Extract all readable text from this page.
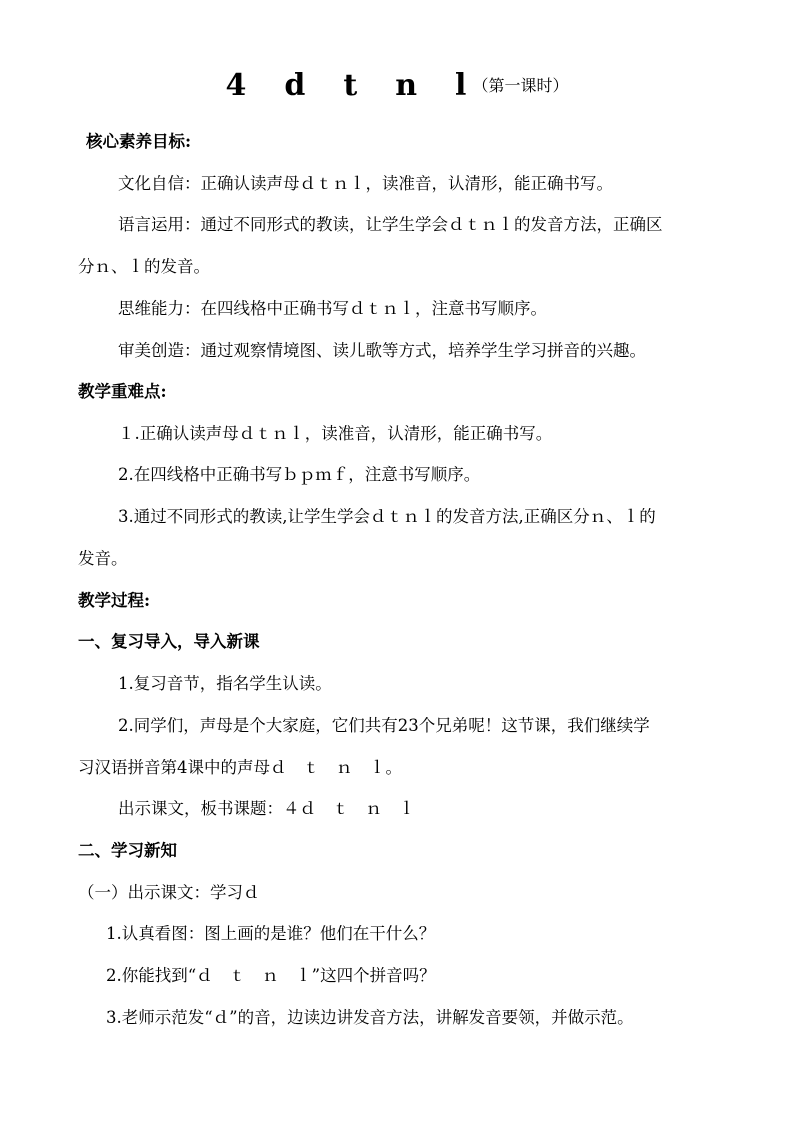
4 d t n l （第一课时）
核心素养目标:
文化自信：正确认读声母ｄｔｎｌ，读准音，认清形，能正确书写。
语言运用：通过不同形式的教读，让学生学会ｄｔｎｌ的发音方法，正确区
分ｎ、ｌ的发音。
思维能力：在四线格中正确书写ｄｔｎｌ，注意书写顺序。
审美创造：通过观察情境图、读儿歌等方式，培养学生学习拼音的兴趣。
教学重难点:
１.正确认读声母ｄｔｎｌ，读准音，认清形，能正确书写。
2.在四线格中正确书写ｂｐｍｆ，注意书写顺序。
3.通过不同形式的教读,让学生学会ｄｔｎｌ的发音方法,正确区分ｎ、ｌ的
发音。
教学过程:
一、复习导入，导入新课
1.复习音节，指名学生认读。
2.同学们，声母是个大家庭，它们共有23个兄弟呢！这节课，我们继续学
习汉语拼音第4课中的声母ｄ　ｔ　ｎ　ｌ。
出示课文，板书课题：４ｄ　ｔ　ｎ　ｌ
二、学习新知
（一）出示课文：学习ｄ
1.认真看图：图上画的是谁？他们在干什么？
2.你能找到“ｄ　ｔ　ｎ　ｌ”这四个拼音吗？
3.老师示范发“ｄ”的音，边读边讲发音方法，讲解发音要领，并做示范。
